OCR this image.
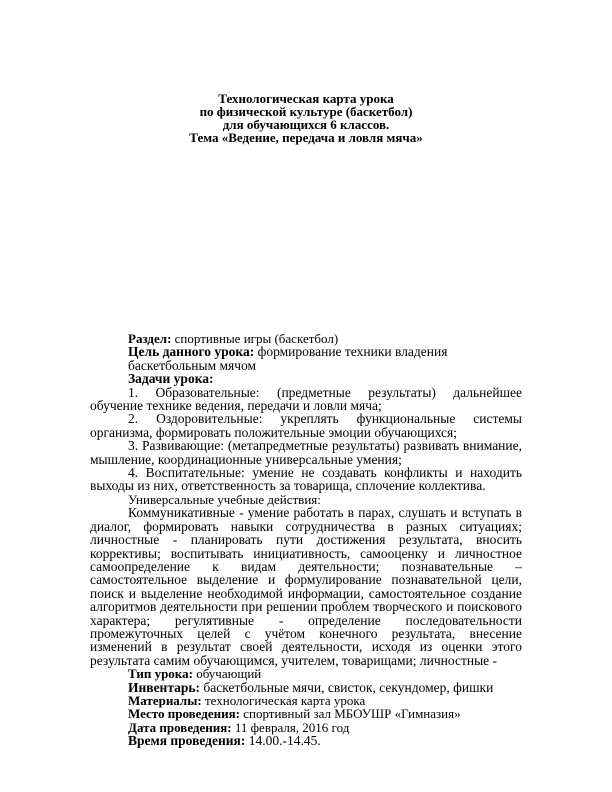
Технологическая карта урока
по физической культуре (баскетбол)
для обучающихся 6 классов.
Тема «Ведение, передача и ловля мяча»

Раздел: спортивные игры (баскетбол)

Цель данного урока: формирование техники владения баскетбольным мячом

Задачи урока:

1. Образовательные: (предметные результаты) дальнейшее обучение технике ведения, передачи и ловли мяча;

2. Оздоровительные: укреплять функциональные системы организма, формировать положительные эмоции обучающихся;

3. Развивающие: (метапредметные результаты) развивать внимание, мышление, координационные универсальные умения;

4. Воспитательные: умение не создавать конфликты и находить выходы из них, ответственность за товарища, сплочение коллектива.

Универсальные учебные действия:

Коммуникативные - умение работать в парах, слушать и вступать в диалог, формировать навыки сотрудничества в разных ситуациях; личностные - планировать пути достижения результата, вносить коррективы; воспитывать инициативность, самооценку и личностное самоопределение к видам деятельности; познавательные – самостоятельное выделение и формулирование познавательной цели, поиск и выделение необходимой информации, самостоятельное создание алгоритмов деятельности при решении проблем творческого и поискового характера; регулятивные - определение последовательности промежуточных целей с учётом конечного результата, внесение изменений в результат своей деятельности, исходя из оценки этого результата самим обучающимся, учителем, товарищами; личностные -

Тип урока: обучающий

Инвентарь: баскетбольные мячи, свисток, секундомер, фишки

Материалы: технологическая карта урока

Место проведения: спортивный зал МБОУШР «Гимназия»

Дата проведения: 11 февраля, 2016 год

Время проведения: 14.00.-14.45.
